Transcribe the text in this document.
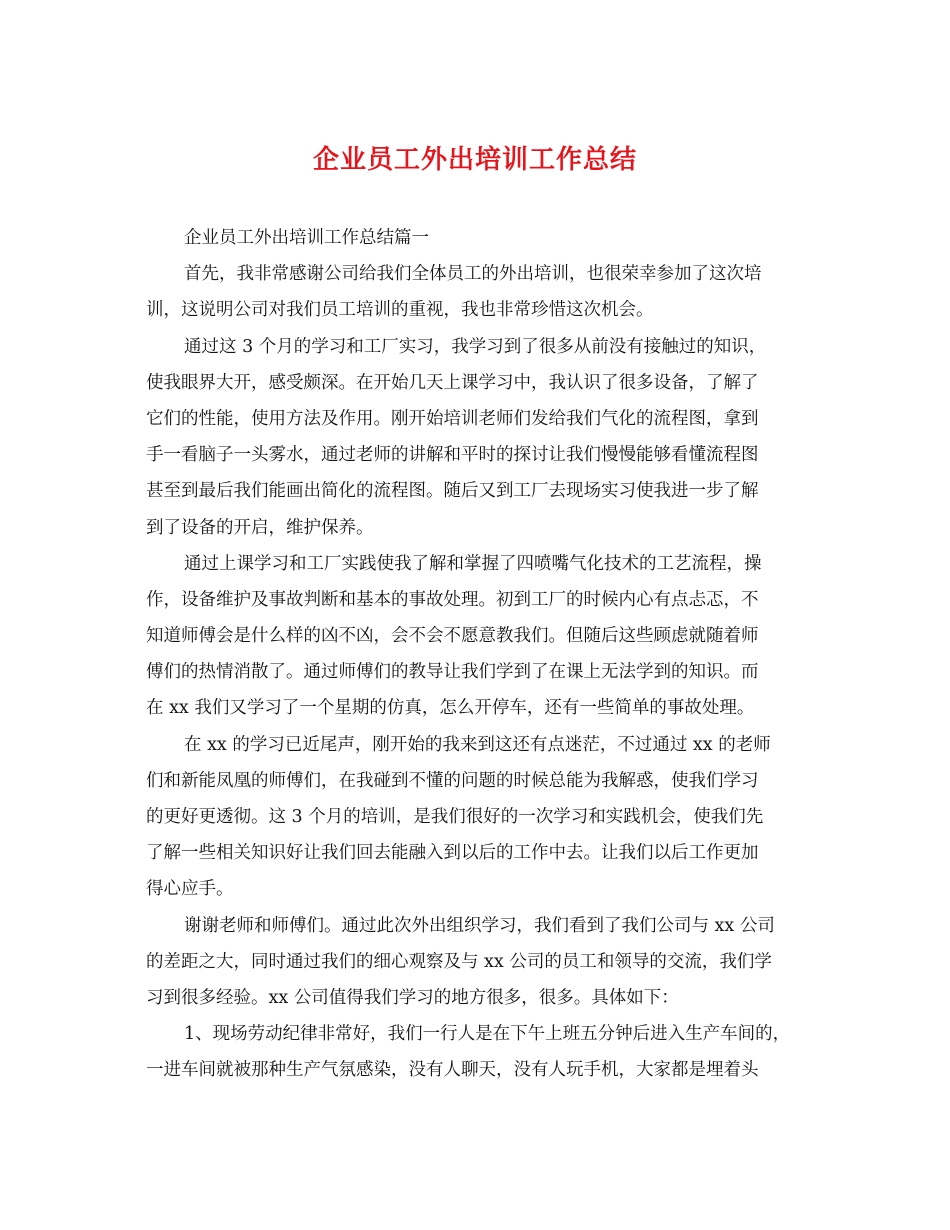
企业员工外出培训工作总结
企业员工外出培训工作总结篇一
首先，我非常感谢公司给我们全体员工的外出培训，也很荣幸参加了这次培
训，这说明公司对我们员工培训的重视，我也非常珍惜这次机会。
通过这 3 个月的学习和工厂实习，我学习到了很多从前没有接触过的知识，
使我眼界大开，感受颇深。在开始几天上课学习中，我认识了很多设备，了解了
它们的性能，使用方法及作用。刚开始培训老师们发给我们气化的流程图，拿到
手一看脑子一头雾水，通过老师的讲解和平时的探讨让我们慢慢能够看懂流程图
甚至到最后我们能画出简化的流程图。随后又到工厂去现场实习使我进一步了解
到了设备的开启，维护保养。
通过上课学习和工厂实践使我了解和掌握了四喷嘴气化技术的工艺流程，操
作，设备维护及事故判断和基本的事故处理。初到工厂的时候内心有点忐忑，不
知道师傅会是什么样的凶不凶，会不会不愿意教我们。但随后这些顾虑就随着师
傅们的热情消散了。通过师傅们的教导让我们学到了在课上无法学到的知识。而
在 xx 我们又学习了一个星期的仿真，怎么开停车，还有一些简单的事故处理。
在 xx 的学习已近尾声，刚开始的我来到这还有点迷茫，不过通过 xx 的老师
们和新能凤凰的师傅们，在我碰到不懂的问题的时候总能为我解惑，使我们学习
的更好更透彻。这 3 个月的培训，是我们很好的一次学习和实践机会，使我们先
了解一些相关知识好让我们回去能融入到以后的工作中去。让我们以后工作更加
得心应手。
谢谢老师和师傅们。通过此次外出组织学习，我们看到了我们公司与 xx 公司
的差距之大，同时通过我们的细心观察及与 xx 公司的员工和领导的交流，我们学
习到很多经验。xx 公司值得我们学习的地方很多，很多。具体如下：
1、现场劳动纪律非常好，我们一行人是在下午上班五分钟后进入生产车间的，
一进车间就被那种生产气氛感染，没有人聊天，没有人玩手机，大家都是埋着头
